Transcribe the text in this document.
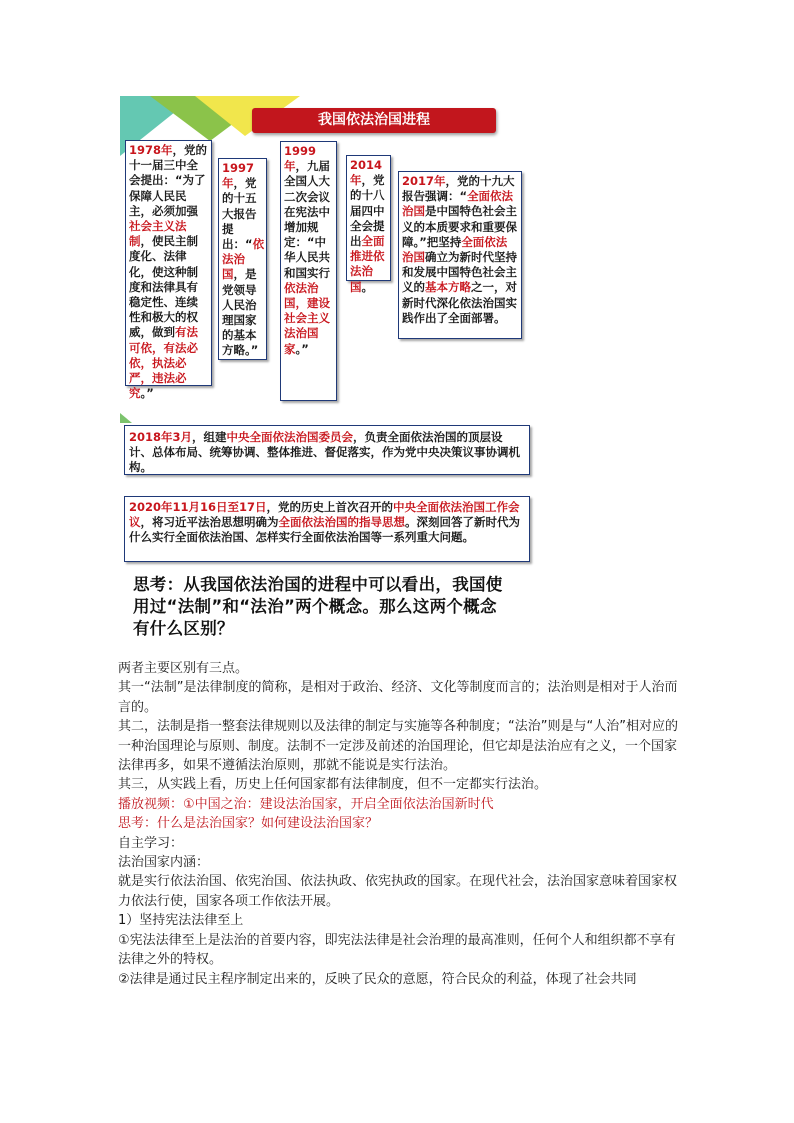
我国依法治国进程
1978年，党的十一届三中全会提出：“为了保障人民民主，必须加强社会主义法制，使民主制度化、法律化，使这种制度和法律具有稳定性、连续性和极大的权威，做到有法可依，有法必依，执法必严，违法必究。”
1997年，党的十五大报告提出：“依法治国，是党领导人民治理国家的基本方略。”
1999年，九届全国人大二次会议在宪法中增加规定：“中华人民共和国实行依法治国，建设社会主义法治国家。”
2014年，党的十八届四中全会提出全面推进依法治国。
2017年，党的十九大报告强调：“全面依法治国是中国特色社会主义的本质要求和重要保障。”把坚持全面依法治国确立为新时代坚持和发展中国特色社会主义的基本方略之一，对新时代深化依法治国实践作出了全面部署。
2018年3月，组建中央全面依法治国委员会，负责全面依法治国的顶层设计、总体布局、统筹协调、整体推进、督促落实，作为党中央决策议事协调机构。
2020年11月16日至17日，党的历史上首次召开的中央全面依法治国工作会议，将习近平法治思想明确为全面依法治国的指导思想。深刻回答了新时代为什么实行全面依法治国、怎样实行全面依法治国等一系列重大问题。
思考：从我国依法治国的进程中可以看出，我国使用过“法制”和“法治”两个概念。那么这两个概念有什么区别？

两者主要区别有三点。

其一“法制”是法律制度的简称，是相对于政治、经济、文化等制度而言的；法治则是相对于人治而言的。

其二，法制是指一整套法律规则以及法律的制定与实施等各种制度；“法治”则是与“人治”相对应的一种治国理论与原则、制度。法制不一定涉及前述的治国理论，但它却是法治应有之义，一个国家法律再多，如果不遵循法治原则，那就不能说是实行法治。

其三，从实践上看，历史上任何国家都有法律制度，但不一定都实行法治。

播放视频：①中国之治：建设法治国家，开启全面依法治国新时代

思考：什么是法治国家？如何建设法治国家？

自主学习：

法治国家内涵：

就是实行依法治国、依宪治国、依法执政、依宪执政的国家。在现代社会，法治国家意味着国家权力依法行使，国家各项工作依法开展。

1）坚持宪法法律至上

①宪法法律至上是法治的首要内容，即宪法法律是社会治理的最高准则，任何个人和组织都不享有法律之外的特权。

②法律是通过民主程序制定出来的，反映了民众的意愿，符合民众的利益，体现了社会共同
